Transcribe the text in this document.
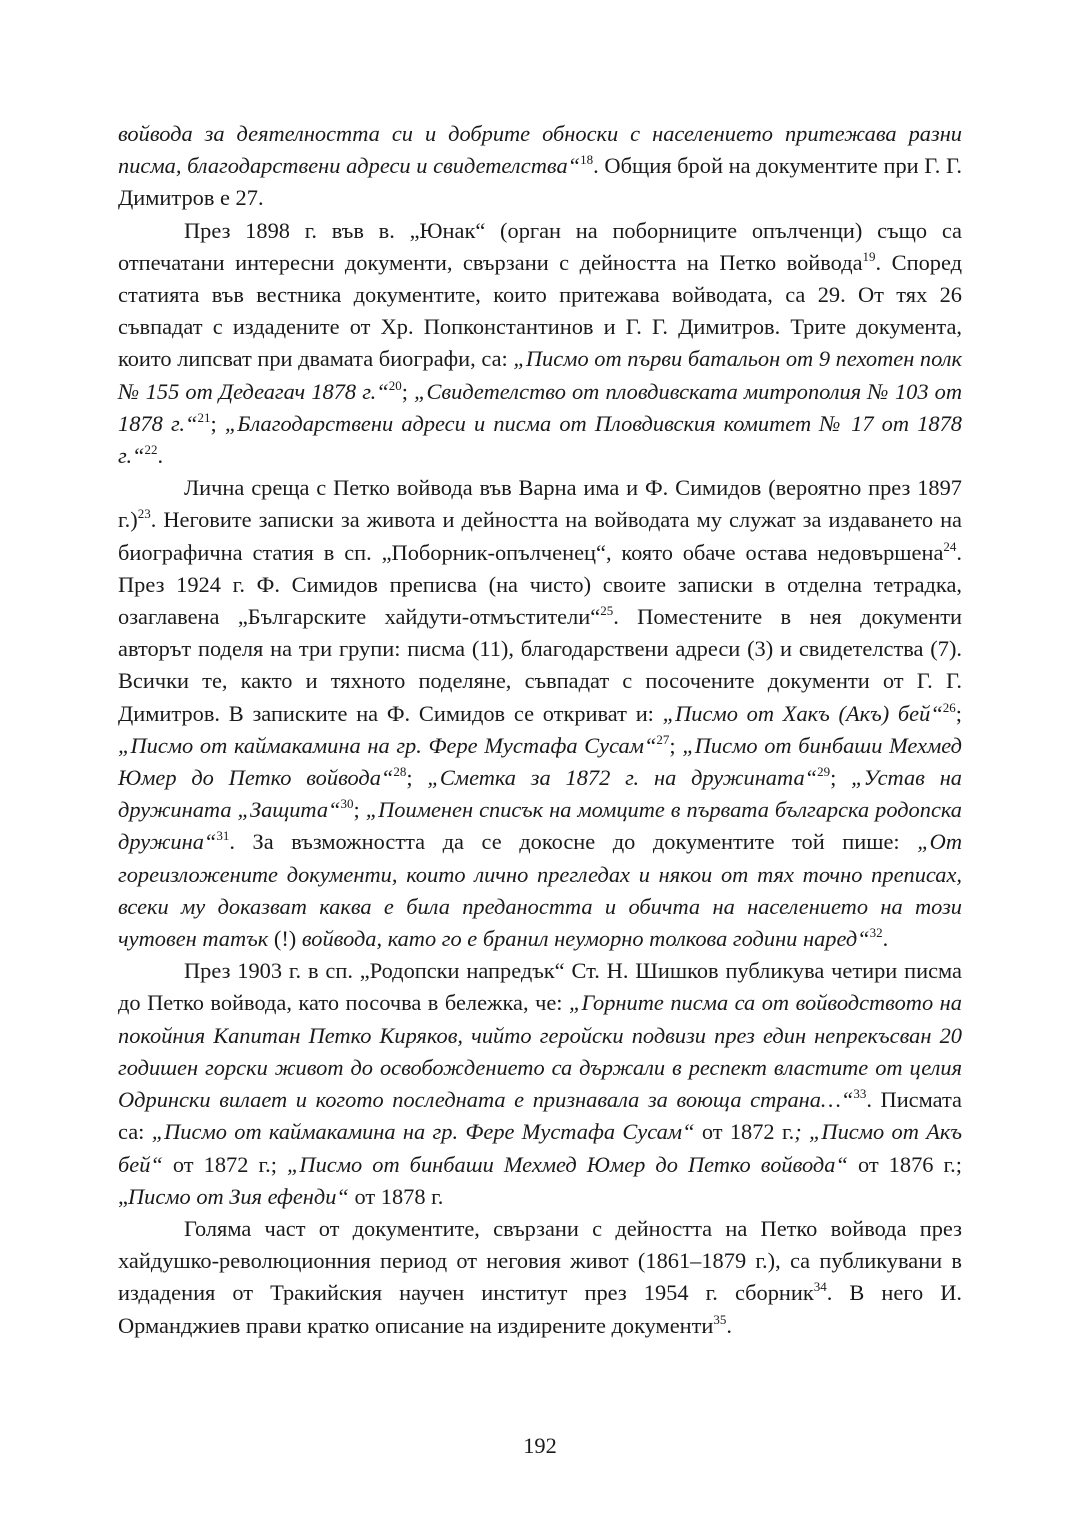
войвода за деятелността си и добрите обноски с населението притежава разни писма, благодарствени адреси и свидетелства“$^{18}$. Общия брой на документите при Г. Г. Димитров е 27.

През 1898 г. във в. „Юнак“ (орган на поборниците опълченци) също са отпечатани интересни документи, свързани с дейността на Петко войвода$^{19}$. Според статията във вестника документите, които притежава войводата, са 29. От тях 26 съвпадат с издадените от Хр. Попконстантинов и Г. Г. Димитров. Трите документа, които липсват при двамата биографи, са: „Писмо от първи батальон от 9 пехотен полк № 155 от Дедеагач 1878 г.“$^{20}$; „Свидетелство от пловдивската митрополия № 103 от 1878 г.“$^{21}$; „Благодарствени адреси и писма от Пловдивския комитет № 17 от 1878 г.“$^{22}$.

Лична среща с Петко войвода във Варна има и Ф. Симидов (вероятно през 1897 г.)$^{23}$. Неговите записки за живота и дейността на войводата му служат за издаването на биографична статия в сп. „Поборник-опълченец“, която обаче остава недовършена$^{24}$. През 1924 г. Ф. Симидов преписва (на чисто) своите записки в отделна тетрадка, озаглавена „Българските хайдути-отмъстители“$^{25}$. Поместените в нея документи авторът поделя на три групи: писма (11), благодарствени адреси (3) и свидетелства (7). Всички те, както и тяхното поделяне, съвпадат с посочените документи от Г. Г. Димитров. В записките на Ф. Симидов се откриват и: „Писмо от Хакъ (Акъ) бей“$^{26}$; „Писмо от каймакамина на гр. Фере Мустафа Сусам“$^{27}$; „Писмо от бинбаши Мехмед Юмер до Петко войвода“$^{28}$; „Сметка за 1872 г. на дружината“$^{29}$; „Устав на дружината „Защита“$^{30}$; „Поименен списък на момците в първата българска родопска дружина“$^{31}$. За възможността да се докосне до документите той пише: „От гореизложените документи, които лично прегледах и някои от тях точно преписах, всеки му доказват каква е била предаността и обичта на населението на този чутовен татък (!) войвода, като го е бранил неуморно толкова години наред“$^{32}$.

През 1903 г. в сп. „Родопски напредък“ Ст. Н. Шишков публикува четири писма до Петко войвода, като посочва в бележка, че: „Горните писма са от войводството на покойния Капитан Петко Киряков, чийто геройски подвизи през един непрекъсван 20 годишен горски живот до освобождението са държали в респект властите от целия Одрински вилает и когото последната е признавала за воюща страна…“$^{33}$. Писмата са: „Писмо от каймакамина на гр. Фере Мустафа Сусам“ от 1872 г.; „Писмо от Акъ бей“ от 1872 г.; „Писмо от бинбаши Мехмед Юмер до Петко войвода“ от 1876 г.; „Писмо от Зия ефенди“ от 1878 г.

Голяма част от документите, свързани с дейността на Петко войвода през хайдушко-революционния период от неговия живот (1861–1879 г.), са публикувани в издадения от Тракийския научен институт през 1954 г. сборник$^{34}$. В него И. Орманджиев прави кратко описание на издирените документи$^{35}$.

192
